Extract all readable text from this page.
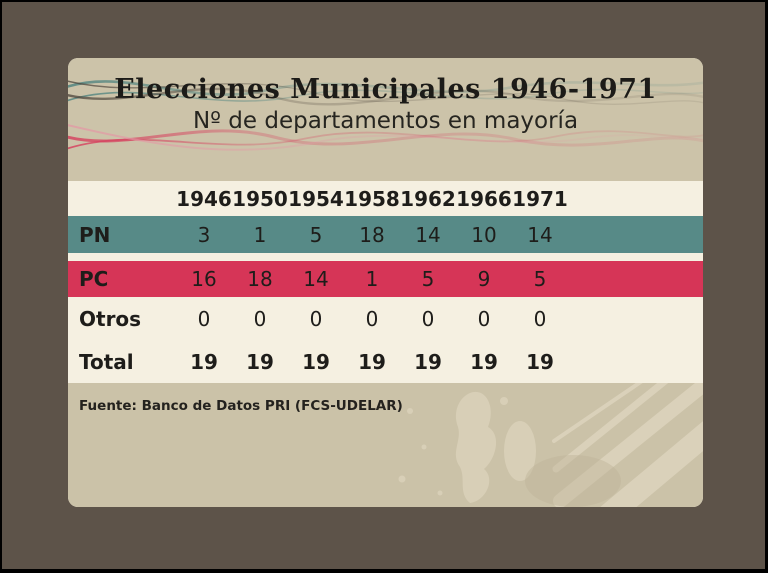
Elecciones Municipales 1946-1971
Nº de departamentos en mayoría
1946 1950 1954 1958 1962 1966 1971
PN	3	1	5	18	14	10	14
PC	16	18	14	1	5	9	5
Otros	0	0	0	0	0	0	0
Total	19	19	19	19	19	19	19
Fuente: Banco de Datos PRI (FCS-UDELAR)
